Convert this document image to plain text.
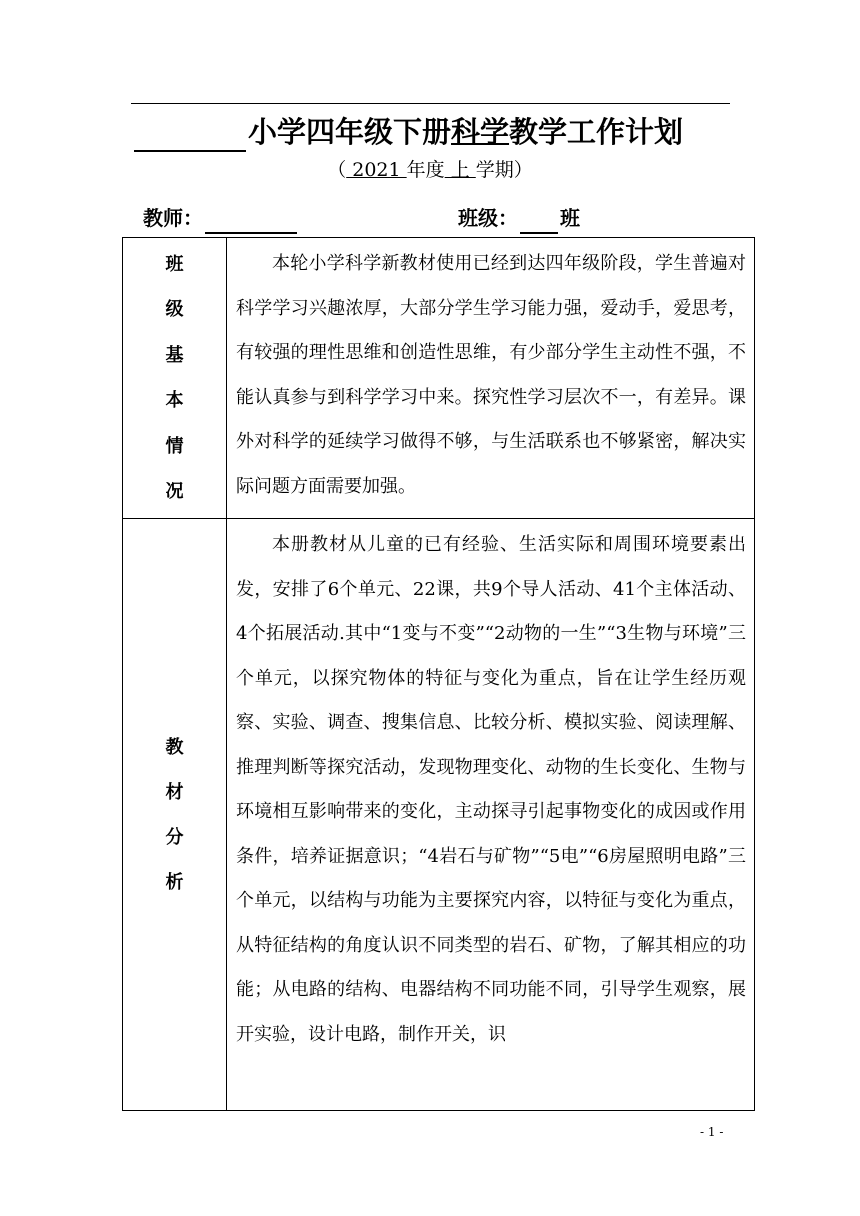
小学四年级下册科学教学工作计划
（ 2021 年度 上 学期）
教师：	班级： 班
班级基本情况	本轮小学科学新教材使用已经到达四年级阶段，学生普遍对科学学习兴趣浓厚，大部分学生学习能力强，爱动手，爱思考，有较强的理性思维和创造性思维，有少部分学生主动性不强，不能认真参与到科学学习中来。探究性学习层次不一，有差异。课外对科学的延续学习做得不够，与生活联系也不够紧密，解决实际问题方面需要加强。

教材分析	本册教材从儿童的已有经验、生活实际和周围环境要素出发，安排了6个单元、22课，共9个导人活动、41个主体活动、4个拓展活动.其中“1变与不变”“2动物的一生”“3生物与环境”三个单元，以探究物体的特征与变化为重点，旨在让学生经历观察、实验、调查、搜集信息、比较分析、模拟实验、阅读理解、推理判断等探究活动，发现物理变化、动物的生长变化、生物与环境相互影响带来的变化，主动探寻引起事物变化的成因或作用条件，培养证据意识；“4岩石与矿物”“5电”“6房屋照明电路”三个单元，以结构与功能为主要探究内容，以特征与变化为重点，从特征结构的角度认识不同类型的岩石、矿物，了解其相应的功能；从电路的结构、电器结构不同功能不同，引导学生观察，展开实验，设计电路，制作开关，识

- 1 -
